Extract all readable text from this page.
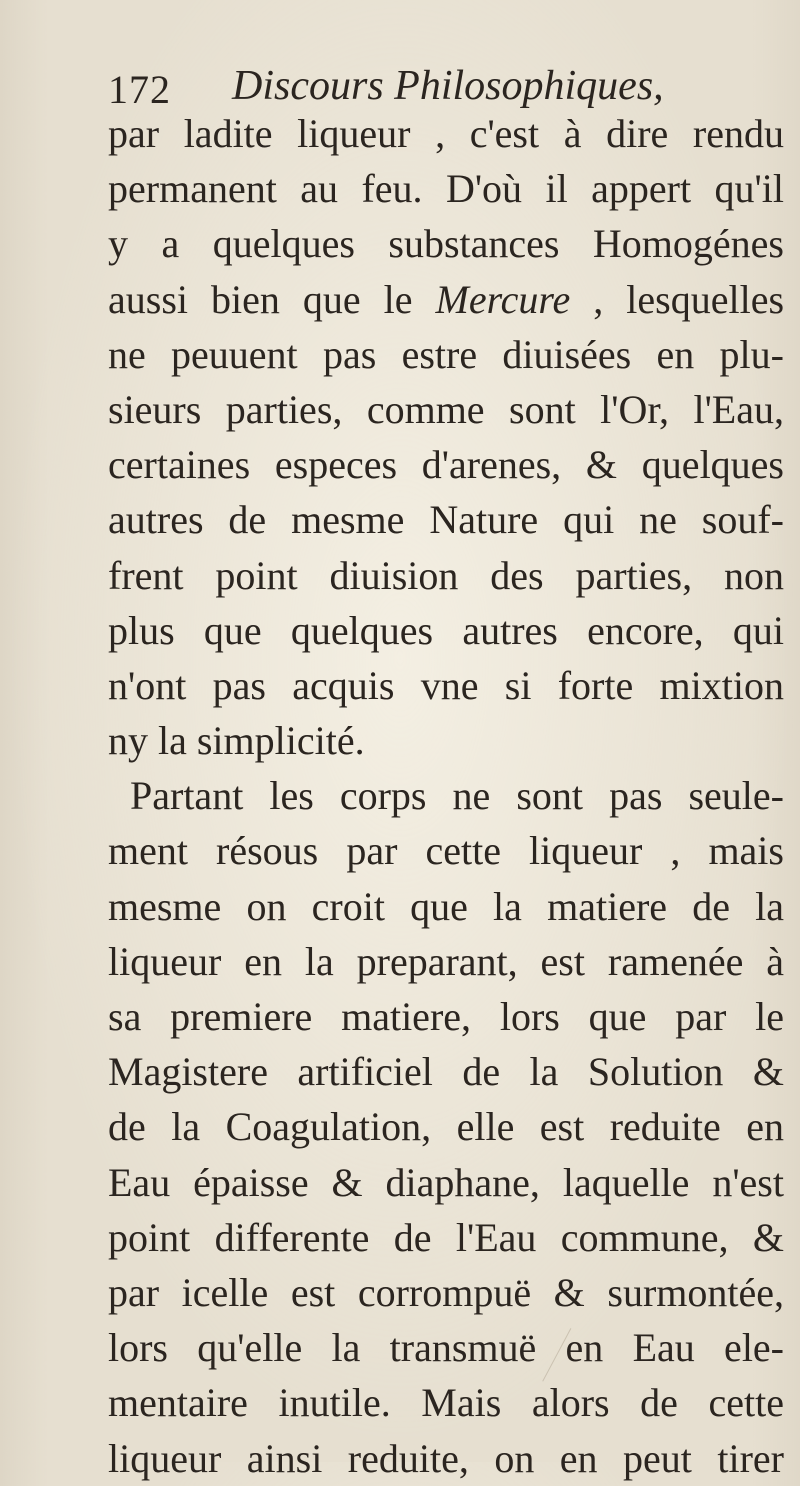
172 Discours Philosophiques,
par ladite liqueur , c'est à dire rendu
permanent au feu. D'où il appert qu'il
y a quelques substances Homogénes
aussi bien que le Mercure , lesquelles
ne peuuent pas estre diuisées en plu-
sieurs parties, comme sont l'Or, l'Eau,
certaines especes d'arenes, & quelques
autres de mesme Nature qui ne souf-
frent point diuision des parties, non
plus que quelques autres encore, qui
n'ont pas acquis vne si forte mixtion
ny la simplicité.
Partant les corps ne sont pas seule-
ment résous par cette liqueur , mais
mesme on croit que la matiere de la
liqueur en la preparant, est ramenée à
sa premiere matiere, lors que par le
Magistere artificiel de la Solution &
de la Coagulation, elle est reduite en
Eau épaisse & diaphane, laquelle n'est
point differente de l'Eau commune, &
par icelle est corrompuë & surmontée,
lors qu'elle la transmuë en Eau ele-
mentaire inutile. Mais alors de cette
liqueur ainsi reduite, on en peut tirer
